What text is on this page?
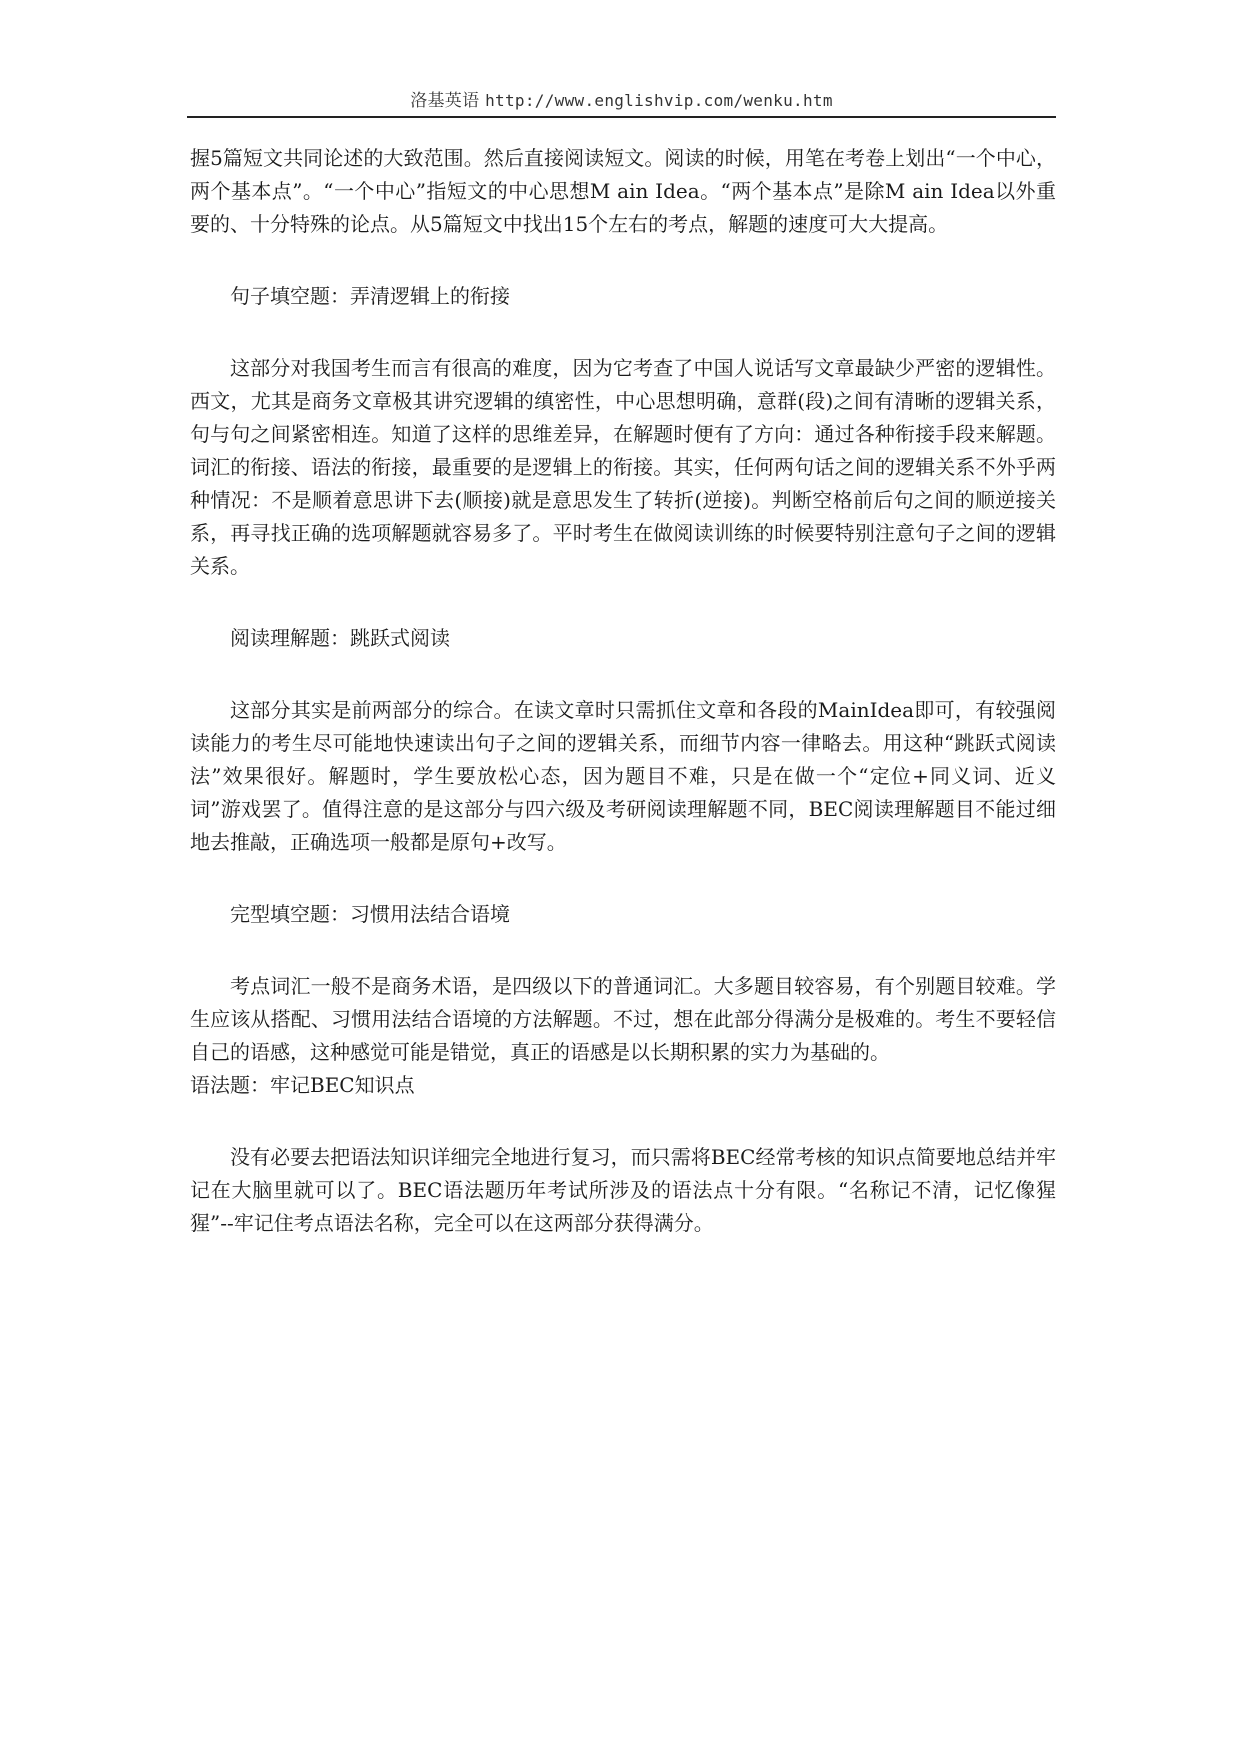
洛基英语 http://www.englishvip.com/wenku.htm

握5篇短文共同论述的大致范围。然后直接阅读短文。阅读的时候，用笔在考卷上划出“一个中心，两个基本点”。“一个中心”指短文的中心思想M ain Idea。“两个基本点”是除M ain Idea以外重要的、十分特殊的论点。从5篇短文中找出15个左右的考点，解题的速度可大大提高。

句子填空题：弄清逻辑上的衔接

这部分对我国考生而言有很高的难度，因为它考查了中国人说话写文章最缺少严密的逻辑性。西文，尤其是商务文章极其讲究逻辑的缜密性，中心思想明确，意群(段)之间有清晰的逻辑关系，句与句之间紧密相连。知道了这样的思维差异，在解题时便有了方向：通过各种衔接手段来解题。词汇的衔接、语法的衔接，最重要的是逻辑上的衔接。其实，任何两句话之间的逻辑关系不外乎两种情况：不是顺着意思讲下去(顺接)就是意思发生了转折(逆接)。判断空格前后句之间的顺逆接关系，再寻找正确的选项解题就容易多了。平时考生在做阅读训练的时候要特别注意句子之间的逻辑关系。

阅读理解题：跳跃式阅读

这部分其实是前两部分的综合。在读文章时只需抓住文章和各段的MainIdea即可，有较强阅读能力的考生尽可能地快速读出句子之间的逻辑关系，而细节内容一律略去。用这种“跳跃式阅读法”效果很好。解题时，学生要放松心态，因为题目不难，只是在做一个“定位+同义词、近义词”游戏罢了。值得注意的是这部分与四六级及考研阅读理解题不同，BEC阅读理解题目不能过细地去推敲，正确选项一般都是原句+改写。

完型填空题：习惯用法结合语境

考点词汇一般不是商务术语，是四级以下的普通词汇。大多题目较容易，有个别题目较难。学生应该从搭配、习惯用法结合语境的方法解题。不过，想在此部分得满分是极难的。考生不要轻信自己的语感，这种感觉可能是错觉，真正的语感是以长期积累的实力为基础的。

语法题：牢记BEC知识点

没有必要去把语法知识详细完全地进行复习，而只需将BEC经常考核的知识点简要地总结并牢记在大脑里就可以了。BEC语法题历年考试所涉及的语法点十分有限。“名称记不清，记忆像猩猩”--牢记住考点语法名称，完全可以在这两部分获得满分。
